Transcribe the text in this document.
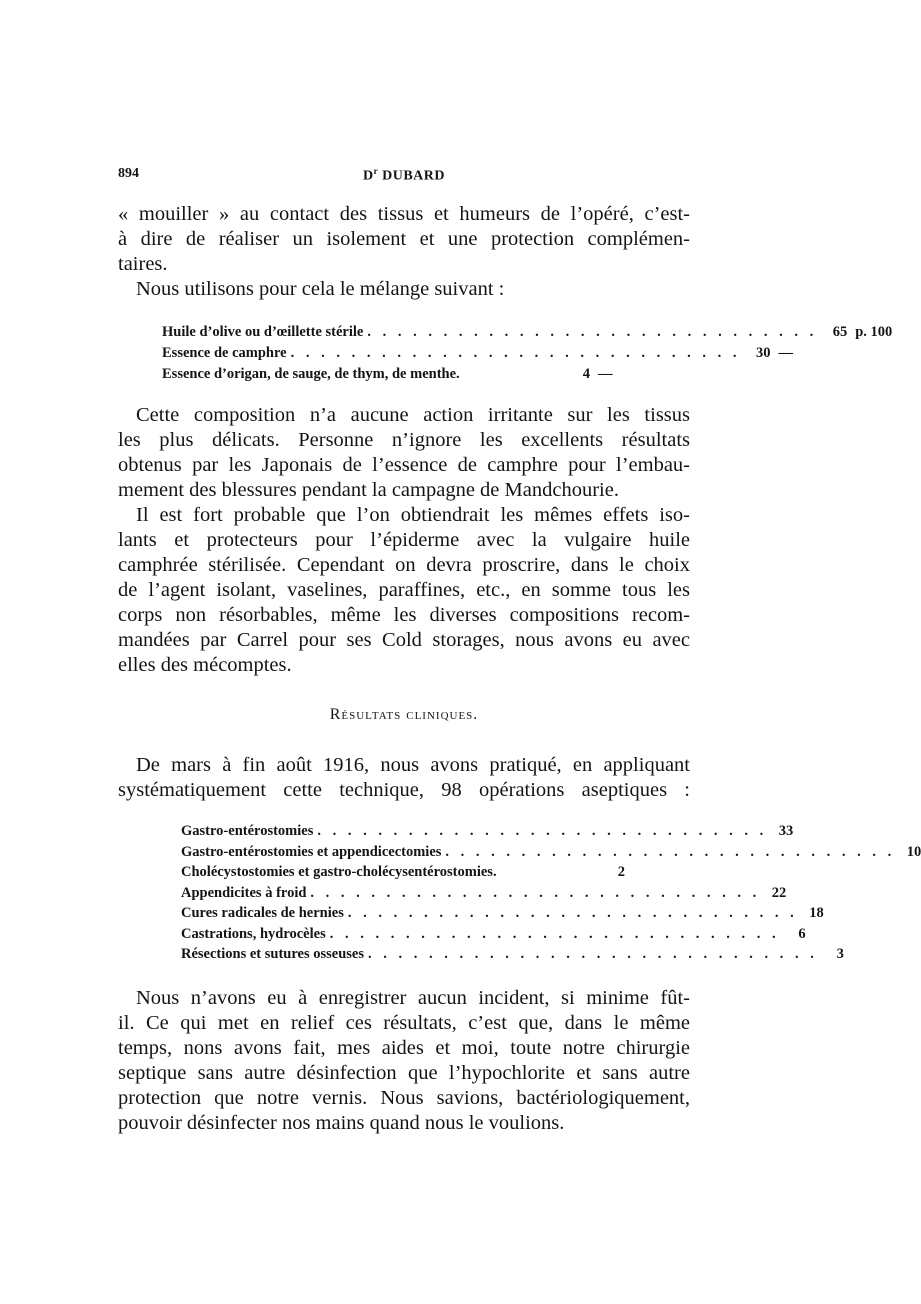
894	$D^r$ DUBARD

« mouiller » au contact des tissus et humeurs de l’opéré, c’est-
à dire de réaliser un isolement et une protection complémen-
taires.

Nous utilisons pour cela le mélange suivant :

Huile d’olive ou d’œillette stérile . . . . . . . . . . . . . . . . . . . . . . . . . . . . . .	65 p. 100
Essence de camphre . . . . . . . . . . . . . . . . . . . . . . . . . . . . . .	30 —
Essence d’origan, de sauge, de thym, de menthe.	4 —

Cette composition n’a aucune action irritante sur les tissus
les plus délicats. Personne n’ignore les excellents résultats
obtenus par les Japonais de l’essence de camphre pour l’embau-
mement des blessures pendant la campagne de Mandchourie.

Il est fort probable que l’on obtiendrait les mêmes effets iso-
lants et protecteurs pour l’épiderme avec la vulgaire huile
camphrée stérilisée. Cependant on devra proscrire, dans le choix
de l’agent isolant, vaselines, paraffines, etc., en somme tous les
corps non résorbables, même les diverses compositions recom-
mandées par Carrel pour ses Cold storages, nous avons eu avec
elles des mécomptes.

Résultats cliniques.

De mars à fin août 1916, nous avons pratiqué, en appliquant
systématiquement cette technique, 98 opérations aseptiques :

Gastro-entérostomies . . . . . . . . . . . . . . . . . . . . . . . . . . . . . . 33
Gastro-entérostomies et appendicectomies . . . . . . . . . . . . . . . . . . . . . . . . . . . . . . 10
Cholécystostomies et gastro-cholécysentérostomies.	2
Appendicites à froid . . . . . . . . . . . . . . . . . . . . . . . . . . . . . . 22
Cures radicales de hernies . . . . . . . . . . . . . . . . . . . . . . . . . . . . . . 18
Castrations, hydrocèles . . . . . . . . . . . . . . . . . . . . . . . . . . . . . .	6
Résections et sutures osseuses . . . . . . . . . . . . . . . . . . . . . . . . . . . . . .	3

Nous n’avons eu à enregistrer aucun incident, si minime fût-
il. Ce qui met en relief ces résultats, c’est que, dans le même
temps, nons avons fait, mes aides et moi, toute notre chirurgie
septique sans autre désinfection que l’hypochlorite et sans autre
protection que notre vernis. Nous savions, bactériologiquement,
pouvoir désinfecter nos mains quand nous le voulions.
